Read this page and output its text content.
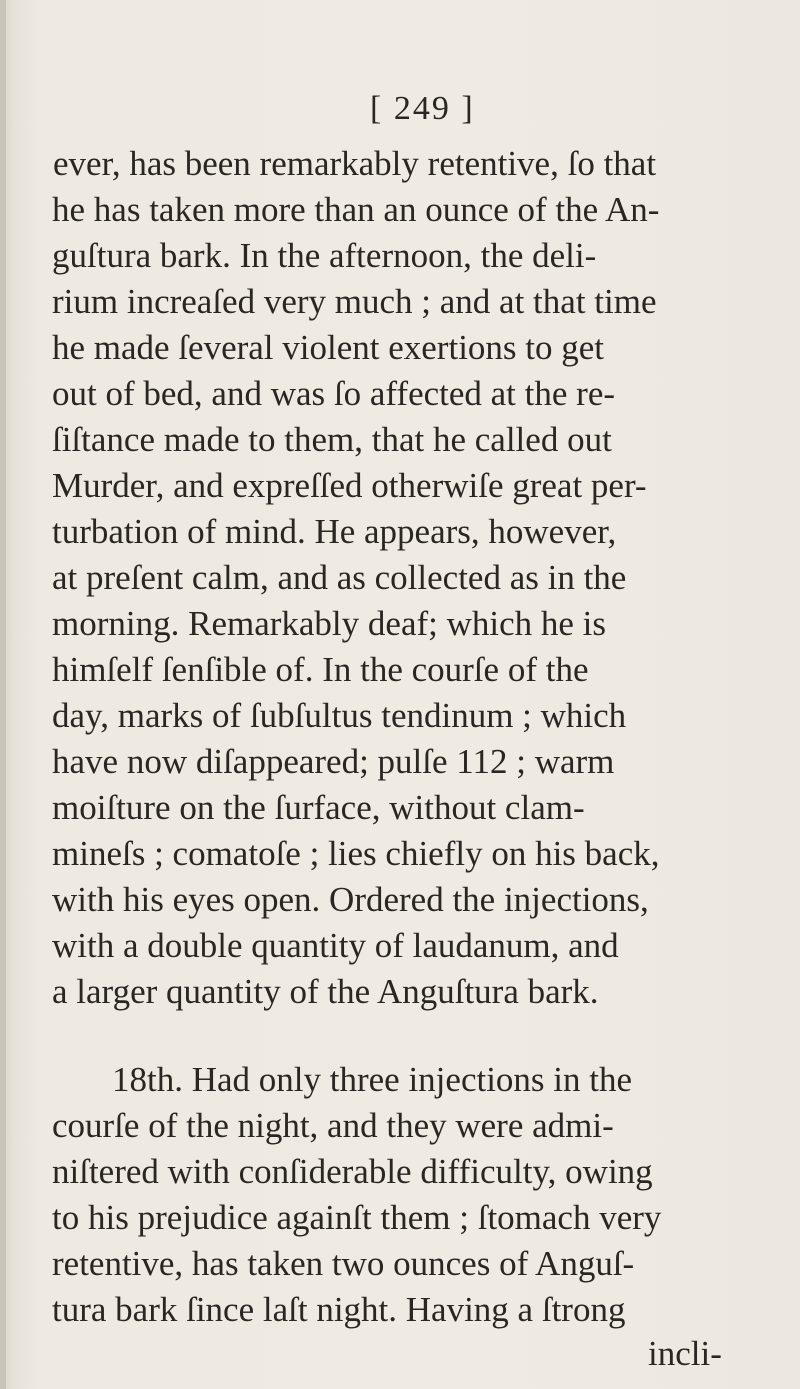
[ 249 ]
ever, has been remarkably retentive, ſo that
he has taken more than an ounce of the An-
guſtura bark. In the afternoon, the deli-
rium increaſed very much ; and at that time
he made ſeveral violent exertions to get
out of bed, and was ſo affected at the re-
ſiſtance made to them, that he called out
Murder, and expreſſed otherwiſe great per-
turbation of mind. He appears, however,
at preſent calm, and as collected as in the
morning. Remarkably deaf; which he is
himſelf ſenſible of. In the courſe of the
day, marks of ſubſultus tendinum ; which
have now diſappeared; pulſe 112 ; warm
moiſture on the ſurface, without clam-
mineſs ; comatoſe ; lies chiefly on his back,
with his eyes open. Ordered the injections,
with a double quantity of laudanum, and
a larger quantity of the Anguſtura bark.
18th. Had only three injections in the
courſe of the night, and they were admi-
niſtered with conſiderable difficulty, owing
to his prejudice againſt them ; ſtomach very
retentive, has taken two ounces of Anguſ-
tura bark ſince laſt night. Having a ſtrong
incli-
